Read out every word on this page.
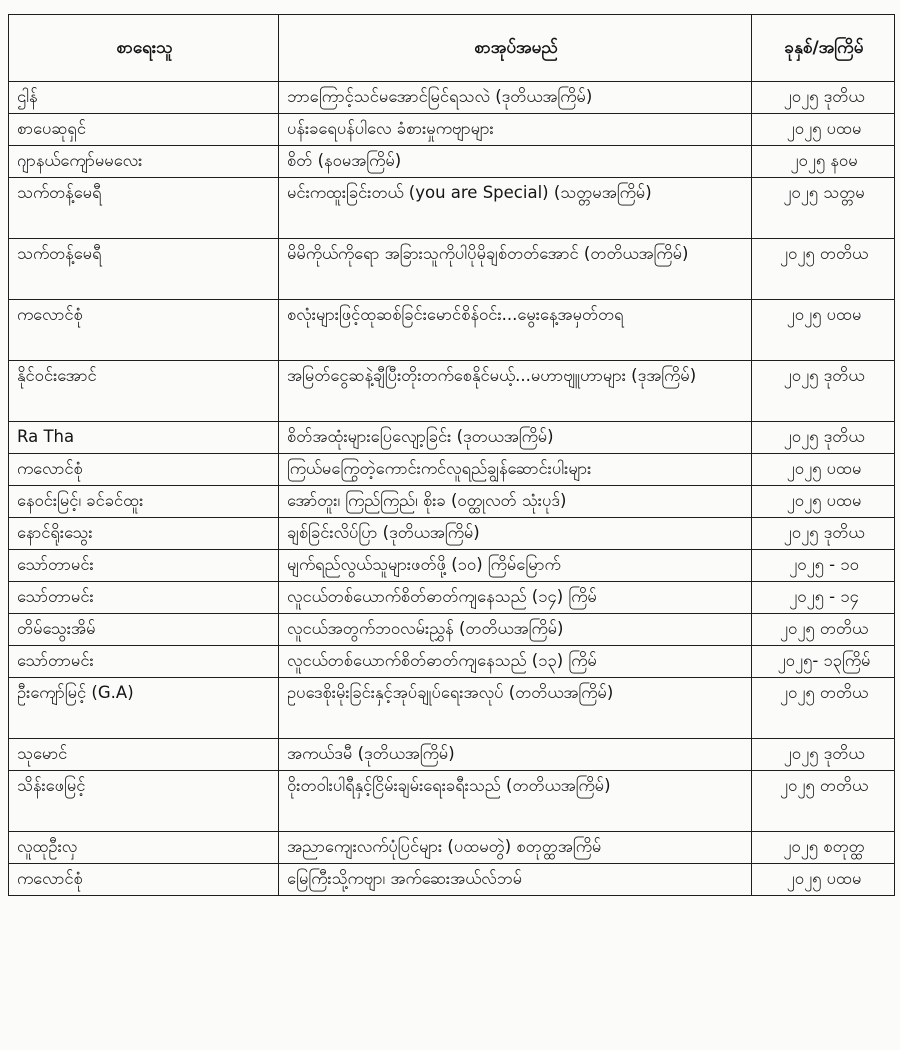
စာရေးသူ	စာအုပ်အမည်	ခုနှစ်/အကြိမ်
ဌါန်	ဘာကြောင့်သင်မအောင်မြင်ရသလဲ (ဒုတိယအကြိမ်)	၂၀၂၅ ဒုတိယ
စာပေဆုရှင်	ပန်းခရေပန်ပါလေ ခံစားမှုကဗျာများ	၂၀၂၅ ပထမ
ဂျာနယ်ကျော်မမလေး	စိတ် (နဝမအကြိမ်)	၂၀၂၅ နဝမ
သက်တန့်မေရီ	မင်းကထူးခြင်းတယ် (you are Special) (သတ္တမအကြိမ်)	၂၀၂၅ သတ္တမ
သက်တန့်မေရီ	မိမိကိုယ်ကိုရော အခြားသူကိုပါပိုမိုချစ်တတ်အောင် (တတိယအကြိမ်)	၂၀၂၅ တတိယ
ကလောင်စုံ	စလုံးများဖြင့်ထုဆစ်ခြင်းမောင်စိန်ဝင်း...မွေးနေ့အမှတ်တရ	၂၀၂၅ ပထမ
နိုင်ဝင်းအောင်	အမြတ်ငွေဆနဲ့ချီပြီးတိုးတက်စေနိုင်မယ့်...မဟာဗျူဟာများ (ဒုအကြိမ်)	၂၀၂၅ ဒုတိယ
Ra Tha	စိတ်အထုံးများပြေလျော့ခြင်း (ဒုတယအကြိမ်)	၂၀၂၅ ဒုတိယ
ကလောင်စုံ	ကြယ်မကြွေတဲ့ကောင်းကင်လူရည်ချွန်ဆောင်းပါးများ	၂၀၂၅ ပထမ
နေဝင်းမြင့်၊ ခင်ခင်ထူး	အော်တူး၊ ကြည်ကြည်၊ စိုးခ (ဝတ္ထုလတ် သုံးပုဒ်)	၂၀၂၅ ပထမ
နောင်ရိုးသွေး	ချစ်ခြင်းလိပ်ပြာ (ဒုတိယအကြိမ်)	၂၀၂၅ ဒုတိယ
သော်တာမင်း	မျက်ရည်လွယ်သူများဖတ်ဖို့ (၁၀) ကြိမ်မြောက်	၂၀၂၅ - ၁၀
သော်တာမင်း	လူငယ်တစ်ယောက်စိတ်ဓာတ်ကျနေသည် (၁၄) ကြိမ်	၂၀၂၅ - ၁၄
တိမ်သွေးအိမ်	လူငယ်အတွက်ဘဝလမ်းညွှန် (တတိယအကြိမ်)	၂၀၂၅ တတိယ
သော်တာမင်း	လူငယ်တစ်ယောက်စိတ်ဓာတ်ကျနေသည် (၁၃) ကြိမ်	၂၀၂၅- ၁၃ကြိမ်
ဦးကျော်မြင့် (G.A)	ဥပဒေစိုးမိုးခြင်းနှင့်အုပ်ချုပ်ရေးအလုပ် (တတိယအကြိမ်)	၂၀၂၅ တတိယ
သုမောင်	အကယ်ဒမီ (ဒုတိယအကြိမ်)	၂၀၂၅ ဒုတိယ
သိန်းဖေမြင့်	ဝိုးတဝါးပါရီနှင့်ငြိမ်းချမ်းရေးခရီးသည် (တတိယအကြိမ်)	၂၀၂၅ တတိယ
လူထုဦးလှ	အညာကျေးလက်ပုံပြင်များ (ပထမတွဲ) စတုတ္ထအကြိမ်	၂၀၂၅ စတုတ္ထ
ကလောင်စုံ	မြေကြီးသို့ကဗျာ၊ အက်ဆေးအယ်လ်ဘမ်	၂၀၂၅ ပထမ
